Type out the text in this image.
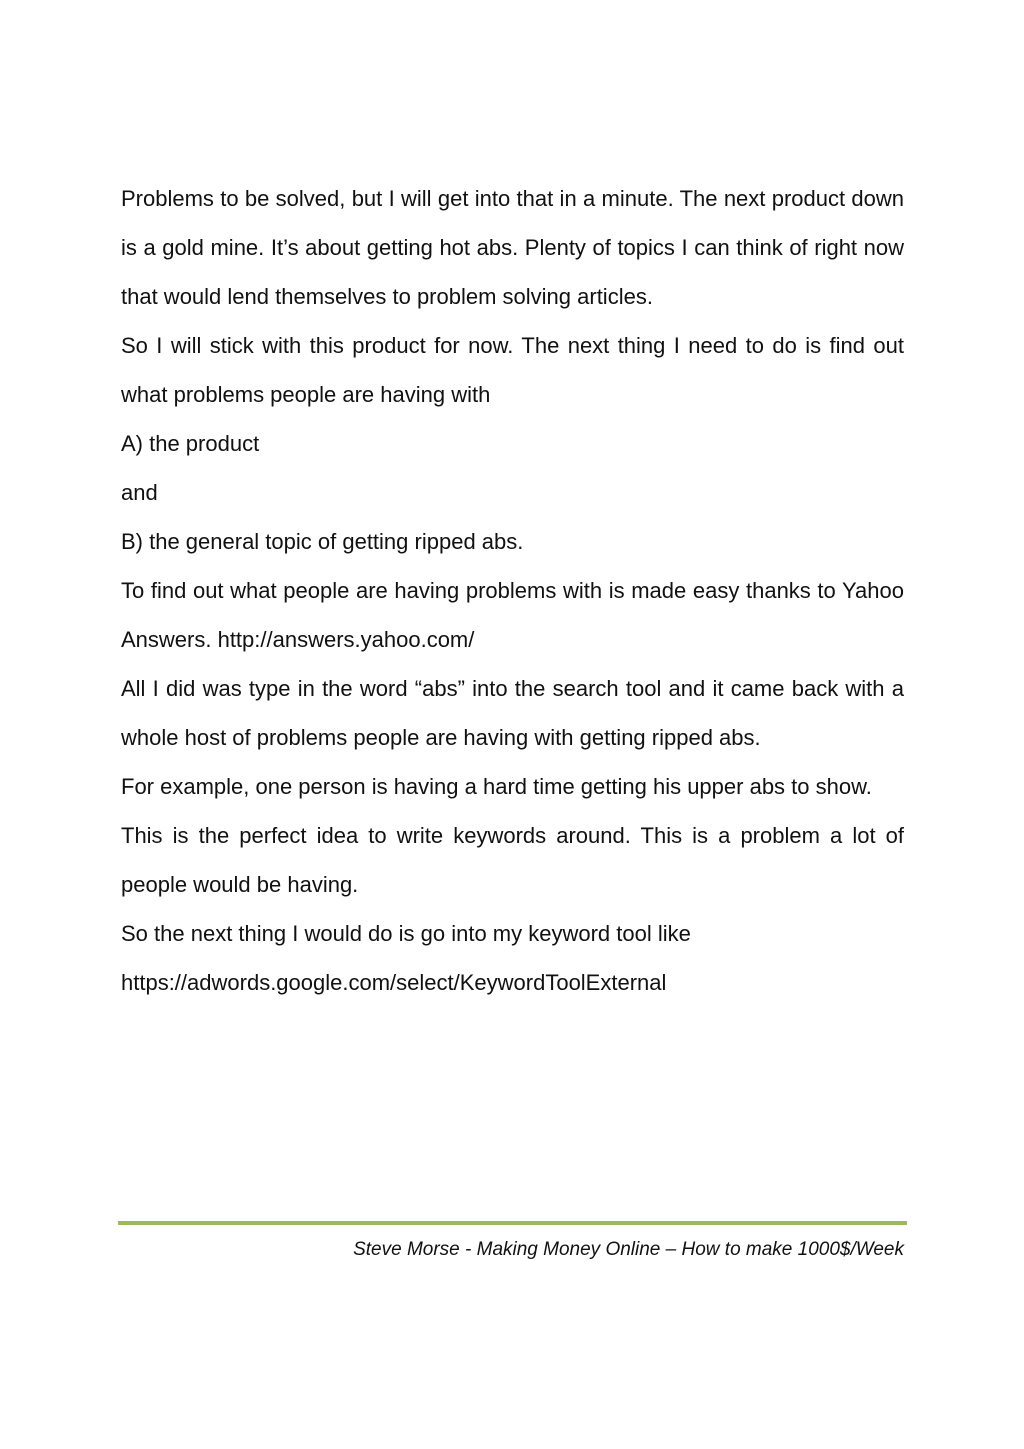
Problems to be solved, but I will get into that in a minute. The next product down is a gold mine. It’s about getting hot abs. Plenty of topics I can think of right now that would lend themselves to problem solving articles.

So I will stick with this product for now. The next thing I need to do is find out what problems people are having with

A) the product

and

B) the general topic of getting ripped abs.

To find out what people are having problems with is made easy thanks to Yahoo Answers. http://answers.yahoo.com/

All I did was type in the word “abs” into the search tool and it came back with a whole host of problems people are having with getting ripped abs.

For example, one person is having a hard time getting his upper abs to show.

This is the perfect idea to write keywords around. This is a problem a lot of people would be having.

So the next thing I would do is go into my keyword tool like

https://adwords.google.com/select/KeywordToolExternal

Steve Morse - Making Money Online – How to make 1000$/Week
